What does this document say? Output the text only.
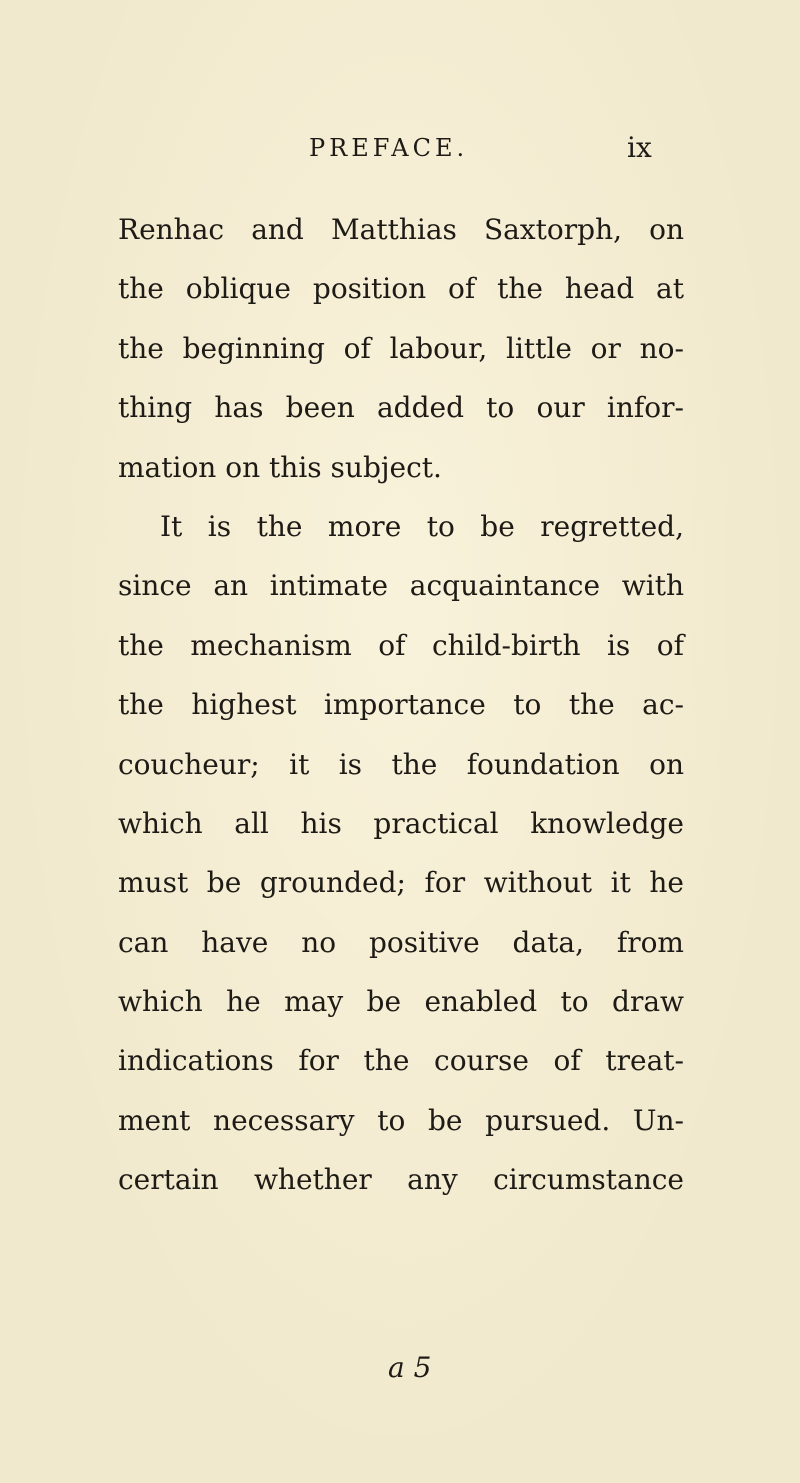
PREFACE.	ix
Renhac and Matthias Saxtorph, on
the oblique position of the head at
the beginning of labour, little or no-
thing has been added to our infor-
mation on this subject.
It is the more to be regretted,
since an intimate acquaintance with
the mechanism of child-birth is of
the highest importance to the ac-
coucheur; it is the foundation on
which all his practical knowledge
must be grounded; for without it he
can have no positive data, from
which he may be enabled to draw
indications for the course of treat-
ment necessary to be pursued. Un-
certain whether any circumstance
a 5
